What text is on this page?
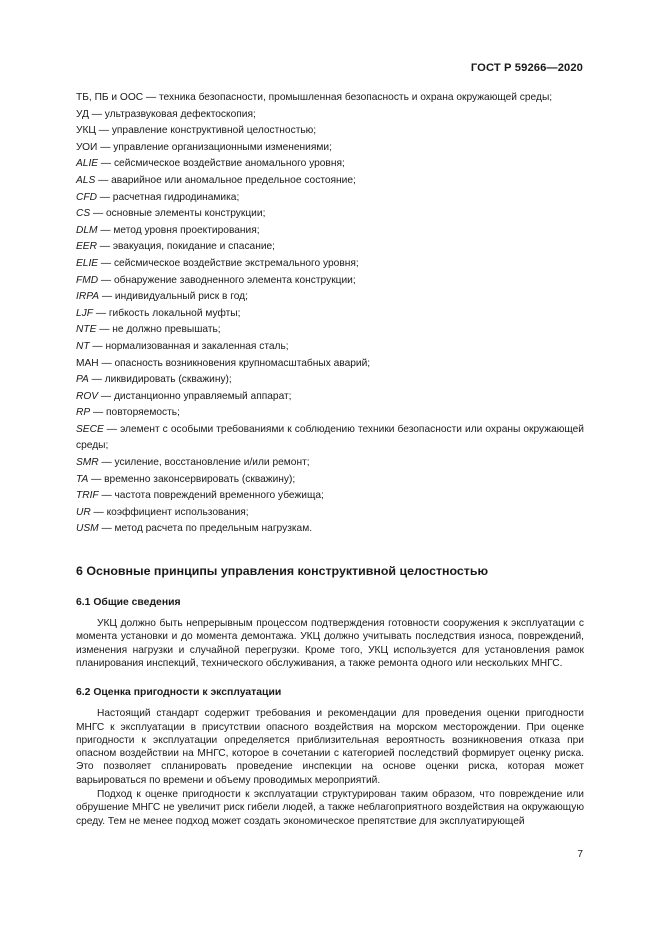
ГОСТ Р 59266—2020

ТБ, ПБ и ООС — техника безопасности, промышленная безопасность и охрана окружающей среды;

УД — ультразвуковая дефектоскопия;

УКЦ — управление конструктивной целостностью;

УОИ — управление организационными изменениями;

ALIE — сейсмическое воздействие аномального уровня;

ALS — аварийное или аномальное предельное состояние;

CFD — расчетная гидродинамика;

CS — основные элементы конструкции;

DLM — метод уровня проектирования;

EER — эвакуация, покидание и спасание;

ELIE — сейсмическое воздействие экстремального уровня;

FMD — обнаружение заводненного элемента конструкции;

IRPA — индивидуальный риск в год;

LJF — гибкость локальной муфты;

NTE — не должно превышать;

NT — нормализованная и закаленная сталь;

MAH — опасность возникновения крупномасштабных аварий;

PA — ликвидировать (скважину);

ROV — дистанционно управляемый аппарат;

RP — повторяемость;

SECE — элемент с особыми требованиями к соблюдению техники безопасности или охраны окружающей среды;

SMR — усиление, восстановление и/или ремонт;

TA — временно законсервировать (скважину);

TRIF — частота повреждений временного убежища;

UR — коэффициент использования;

USM — метод расчета по предельным нагрузкам.

6 Основные принципы управления конструктивной целостностью
6.1 Общие сведения

УКЦ должно быть непрерывным процессом подтверждения готовности сооружения к эксплуатации с момента установки и до момента демонтажа. УКЦ должно учитывать последствия износа, повреждений, изменения нагрузки и случайной перегрузки. Кроме того, УКЦ используется для установления рамок планирования инспекций, технического обслуживания, а также ремонта одного или нескольких МНГС.

6.2 Оценка пригодности к эксплуатации

Настоящий стандарт содержит требования и рекомендации для проведения оценки пригодности МНГС к эксплуатации в присутствии опасного воздействия на морском месторождении. При оценке пригодности к эксплуатации определяется приблизительная вероятность возникновения отказа при опасном воздействии на МНГС, которое в сочетании с категорией последствий формирует оценку риска. Это позволяет спланировать проведение инспекции на основе оценки риска, которая может варьироваться по времени и объему проводимых мероприятий.

Подход к оценке пригодности к эксплуатации структурирован таким образом, что повреждение или обрушение МНГС не увеличит риск гибели людей, а также неблагоприятного воздействия на окружающую среду. Тем не менее подход может создать экономическое препятствие для эксплуатирующей

7
